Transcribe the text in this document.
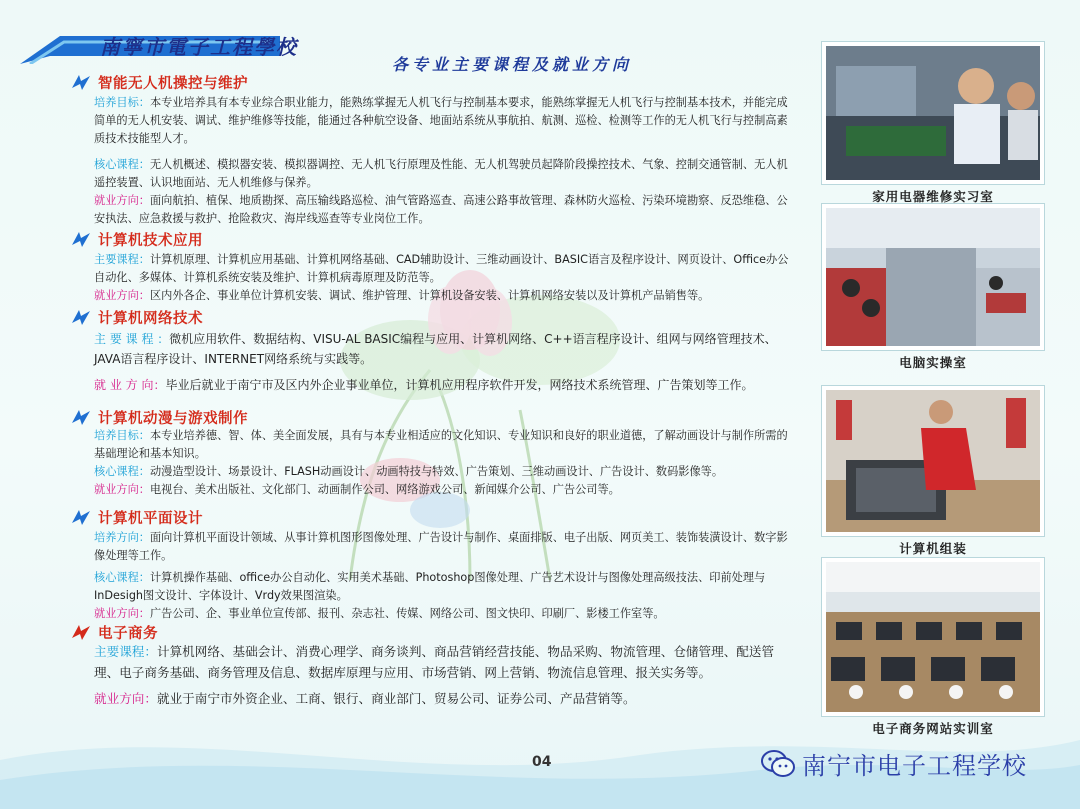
南寧市電子工程學校
各专业主要课程及就业方向
智能无人机操控与维护

培养目标：本专业培养具有本专业综合职业能力，能熟练掌握无人机飞行与控制基本要求，能熟练掌握无人机飞行与控制基本技术，并能完成简单的无人机安装、调试、维护维修等技能，能通过各种航空设备、地面站系统从事航拍、航测、巡检、检测等工作的无人机飞行与控制高素质技术技能型人才。

核心课程：无人机概述、模拟器安装、模拟器调控、无人机飞行原理及性能、无人机驾驶员起降阶段操控技术、气象、控制交通管制、无人机遥控装置、认识地面站、无人机维修与保养。

就业方向：面向航拍、植保、地质勘探、高压输线路巡检、油气管路巡查、高速公路事故管理、森林防火巡检、污染环境勘察、反恐维稳、公安执法、应急救援与救护、抢险救灾、海岸线巡查等专业岗位工作。

计算机技术应用

主要课程：计算机原理、计算机应用基础、计算机网络基础、CAD辅助设计、三维动画设计、BASIC语言及程序设计、网页设计、Office办公自动化、多媒体、计算机系统安装及维护、计算机病毒原理及防范等。

就业方向：区内外各企、事业单位计算机安装、调试、维护管理、计算机设备安装、计算机网络安装以及计算机产品销售等。

计算机网络技术

主 要 课 程 ：微机应用软件、数据结构、VISU-AL BASIC编程与应用、计算机网络、C++语言程序设计、组网与网络管理技术、JAVA语言程序设计、INTERNET网络系统与实践等。

就 业 方 向：毕业后就业于南宁市及区内外企业事业单位，计算机应用程序软件开发，网络技术系统管理、广告策划等工作。

计算机动漫与游戏制作

培养目标：本专业培养德、智、体、美全面发展，具有与本专业相适应的文化知识、专业知识和良好的职业道德，了解动画设计与制作所需的基础理论和基本知识。

核心课程：动漫造型设计、场景设计、FLASH动画设计、动画特技与特效、广告策划、三维动画设计、广告设计、数码影像等。

就业方向：电视台、美术出版社、文化部门、动画制作公司、网络游戏公司、新闻媒介公司、广告公司等。

计算机平面设计

培养方向：面向计算机平面设计领域、从事计算机图形图像处理、广告设计与制作、桌面排版、电子出版、网页美工、装饰装潢设计、数字影像处理等工作。

核心课程：计算机操作基础、office办公自动化、实用美术基础、Photoshop图像处理、广告艺术设计与图像处理高级技法、印前处理与InDesigh图文设计、字体设计、Vrdy效果图渲染。

就业方向：广告公司、企、事业单位宣传部、报刊、杂志社、传媒、网络公司、图文快印、印刷厂、影楼工作室等。

电子商务

主要课程：计算机网络、基础会计、消费心理学、商务谈判、商品营销经营技能、物品采购、物流管理、仓储管理、配送管理、电子商务基础、商务管理及信息、数据库原理与应用、市场营销、网上营销、物流信息管理、报关实务等。

就业方向：就业于南宁市外资企业、工商、银行、商业部门、贸易公司、证券公司、产品营销等。

家用电器维修实习室
电脑实操室
计算机组装
电子商务网站实训室
04	南宁市电子工程学校
